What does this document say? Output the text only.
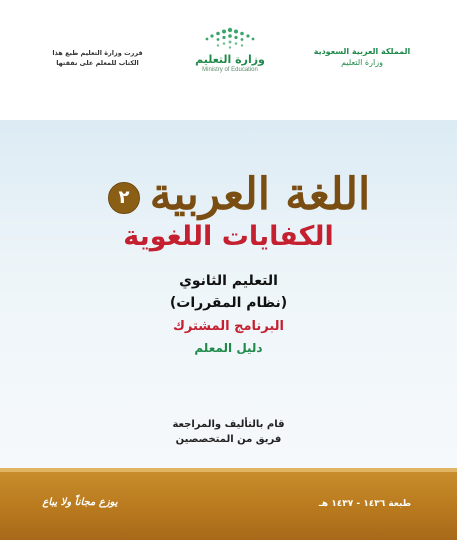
المملكة العربية السعودية
وزارة التعليم
وزارة التعليم
Ministry of Education
قررت وزارة التعليم طبع هذا
الكتاب للمعلم على نفقتها
٢ اللغة العربية
الكفايات اللغوية
التعليم الثانوي
(نظام المقررات)
البرنامج المشترك
دليل المعلم
قام بالتأليف والمراجعة
فريق من المتخصصين
طبعة ١٤٣٦ - ١٤٣٧ هـ
يوزع مجاناً ولا يباع
